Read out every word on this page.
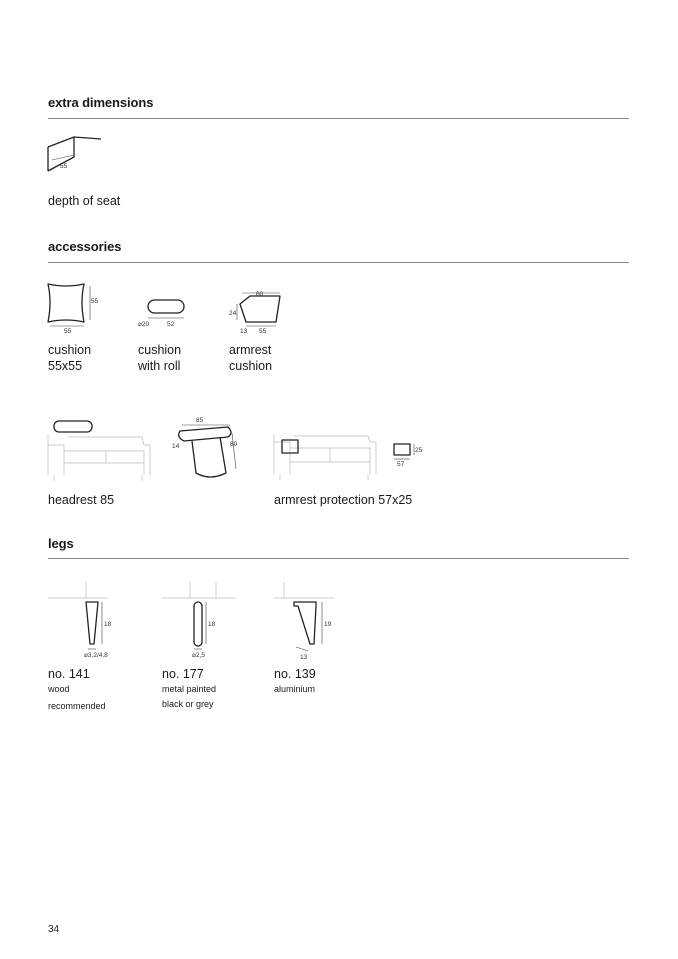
extra dimensions
55
depth of seat
accessories
55
55
cushion
55x55
⌀20	52
cushion
with roll
60
24
13 55
armrest
cushion
85
80
14
headrest 85
25
57
armrest protection 57x25
legs
18
⌀3,2/4,8
no. 141
wood
recommended
18
⌀2,5
no. 177
metal painted
black or grey
19
13
no. 139
aluminium
34
